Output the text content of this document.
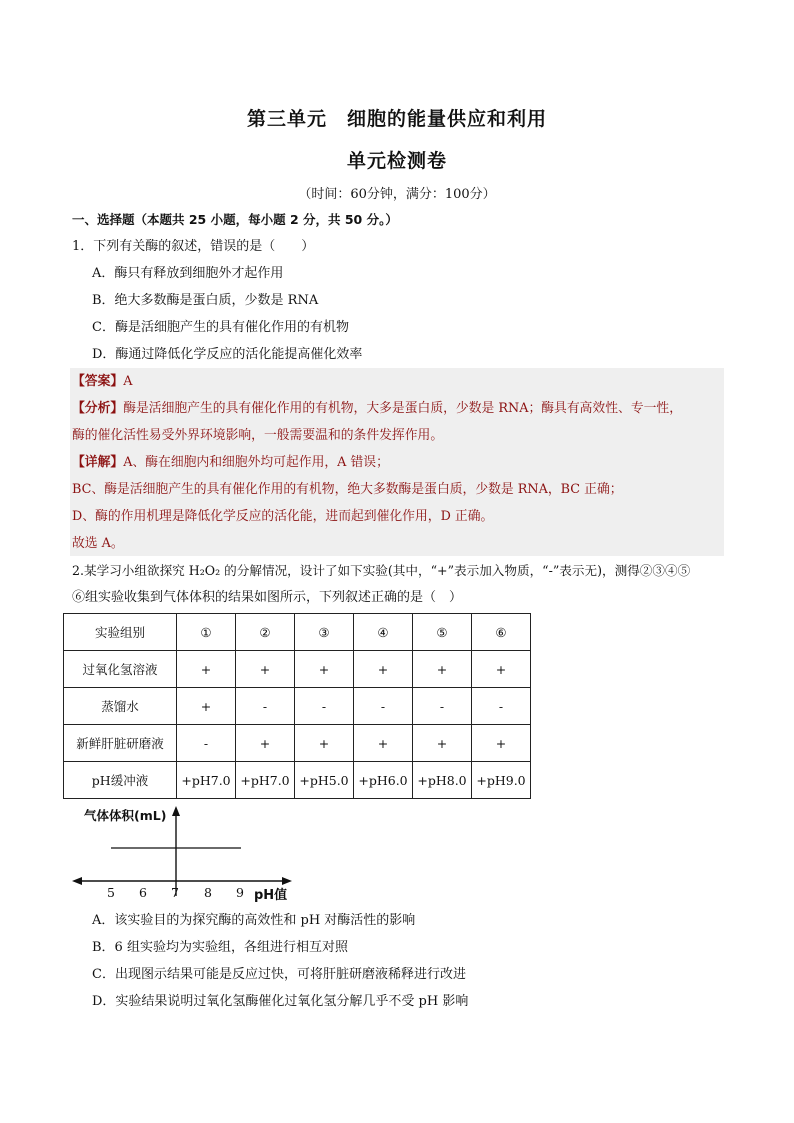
第三单元　细胞的能量供应和利用
单元检测卷
（时间：60分钟，满分：100分）
一、选择题（本题共 25 小题，每小题 2 分，共 50 分。）
1．下列有关酶的叙述，错误的是（　　）
A．酶只有释放到细胞外才起作用
B．绝大多数酶是蛋白质，少数是 RNA
C．酶是活细胞产生的具有催化作用的有机物
D．酶通过降低化学反应的活化能提高催化效率
【答案】A
【分析】酶是活细胞产生的具有催化作用的有机物，大多是蛋白质，少数是 RNA；酶具有高效性、专一性，
酶的催化活性易受外界环境影响，一般需要温和的条件发挥作用。
【详解】A、酶在细胞内和细胞外均可起作用，A 错误；
BC、酶是活细胞产生的具有催化作用的有机物，绝大多数酶是蛋白质，少数是 RNA，BC 正确；
D、酶的作用机理是降低化学反应的活化能，进而起到催化作用，D 正确。
故选 A。
2.某学习小组欲探究 H₂O₂ 的分解情况，设计了如下实验(其中，“+”表示加入物质，“-”表示无)，测得②③④⑤
⑥组实验收集到气体体积的结果如图所示，下列叙述正确的是（　）
实验组别	①	②	③	④	⑤	⑥
过氧化氢溶液	+	+	+	+	+	+
蒸馏水	+	-	-	-	-	-
新鲜肝脏研磨液	-	+	+	+	+	+
pH缓冲液	+pH7.0	+pH7.0	+pH5.0	+pH6.0	+pH8.0	+pH9.0
气体体积(mL)
5 6 7 8 9 pH值
A．该实验目的为探究酶的高效性和 pH 对酶活性的影响
B．6 组实验均为实验组，各组进行相互对照
C．出现图示结果可能是反应过快，可将肝脏研磨液稀释进行改进
D．实验结果说明过氧化氢酶催化过氧化氢分解几乎不受 pH 影响
